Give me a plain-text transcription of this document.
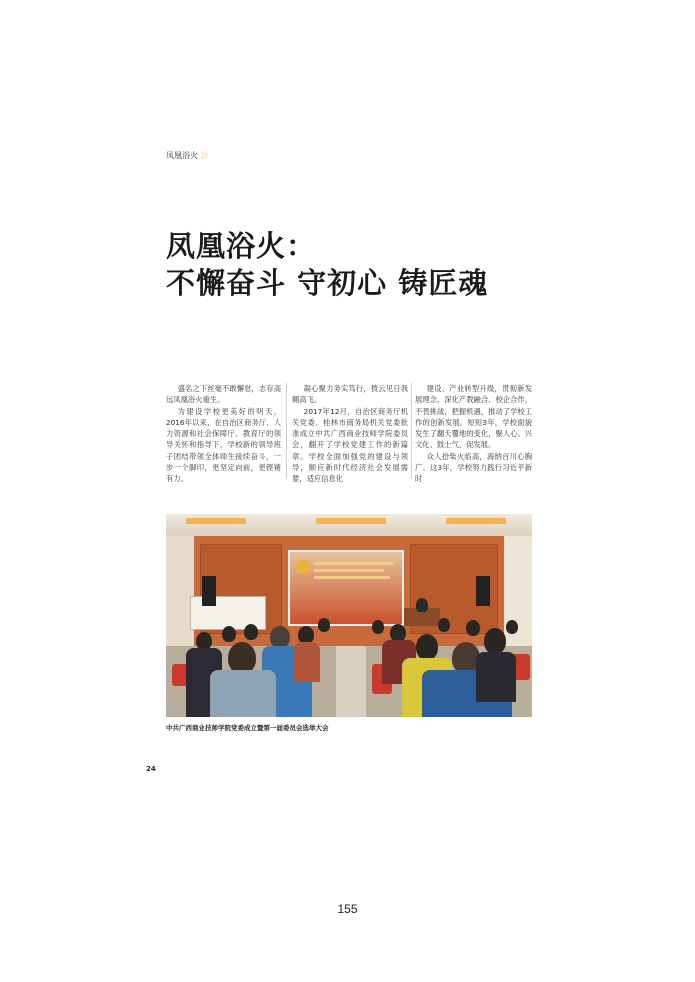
凤凰浴火 》》
凤凰浴火：
不懈奋斗 守初心 铸匠魂

盛名之下丝毫不敢懈怠，志存高远凤凰浴火重生。

为建设学校更美好的明天，2016年以来，在自治区商务厅、人力资源和社会保障厅、教育厅的领导关怀和指导下，学校新的领导班子团结带领全体师生接续奋斗，一步一个脚印，更坚定向前，更铿锵有力。

凝心聚力务实笃行，拨云见日我翱高飞。

2017年12月，自治区商务厅机关党委、桂林市商务局机关党委批准成立中共广西商业技师学院委员会，翻开了学校党建工作的新篇章。学校全面加强党的建设与领导，顺应新时代经济社会发展需要，适应信息化

建设、产业转型升级，贯彻新发展理念，深化产教融合、校企合作，不畏挑战，把握机遇，推动了学校工作的创新发展。短短3年，学校面貌发生了翻天覆地的变化，聚人心、兴文化、鼓士气、促发展。

众人拾柴火焰高，海纳百川心胸广。这3年，学校努力践行习近平新时

中共广西商业技师学院党委成立暨第一届委员会选举大会
24
155
